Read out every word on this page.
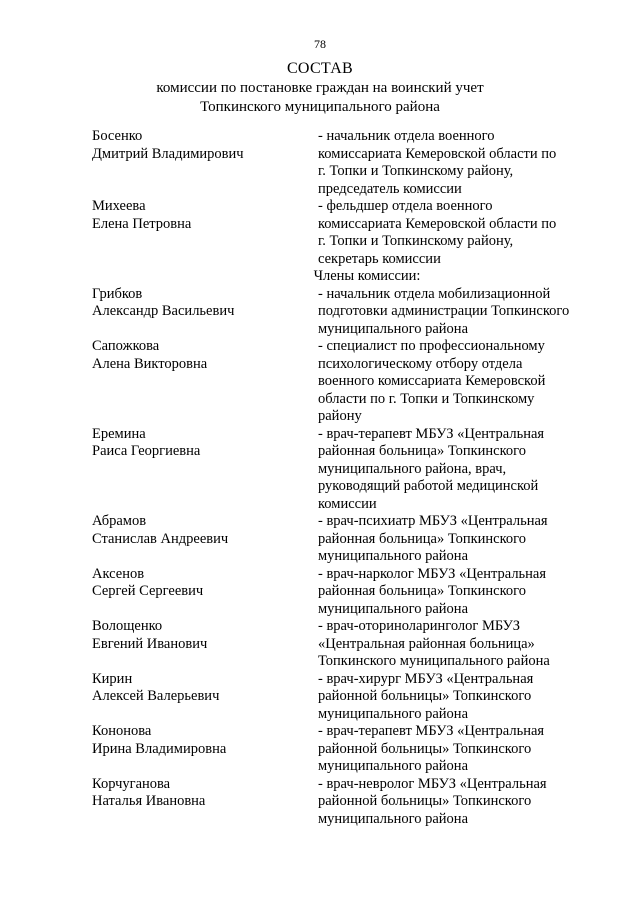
78
СОСТАВ
комиссии по постановке граждан на воинский учет
Топкинского муниципального района
Босенко
Дмитрий Владимирович
- начальник отдела военного
комиссариата Кемеровской области по
г. Топки и Топкинскому району,
председатель комиссии
Михеева
Елена Петровна
- фельдшер отдела военного
комиссариата Кемеровской области по
г. Топки и Топкинскому району,
секретарь комиссии
Члены комиссии:
Грибков
Александр Васильевич
- начальник отдела мобилизационной
подготовки администрации Топкинского
муниципального района
Сапожкова
Алена Викторовна
- специалист по профессиональному
психологическому отбору отдела
военного комиссариата Кемеровской
области по г. Топки и Топкинскому
району
Еремина
Раиса Георгиевна
- врач-терапевт МБУЗ «Центральная
районная больница» Топкинского
муниципального района, врач,
руководящий работой медицинской
комиссии
Абрамов
Станислав Андреевич
- врач-психиатр МБУЗ «Центральная
районная больница» Топкинского
муниципального района
Аксенов
Сергей Сергеевич
- врач-нарколог МБУЗ «Центральная
районная больница» Топкинского
муниципального района
Волощенко
Евгений Иванович
- врач-оториноларинголог МБУЗ
«Центральная районная больница»
Топкинского муниципального района
Кирин
Алексей Валерьевич
- врач-хирург МБУЗ «Центральная
районной больницы» Топкинского
муниципального района
Кононова
Ирина Владимировна
- врач-терапевт МБУЗ «Центральная
районной больницы» Топкинского
муниципального района
Корчуганова
Наталья Ивановна
- врач-невролог МБУЗ «Центральная
районной больницы» Топкинского
муниципального района
